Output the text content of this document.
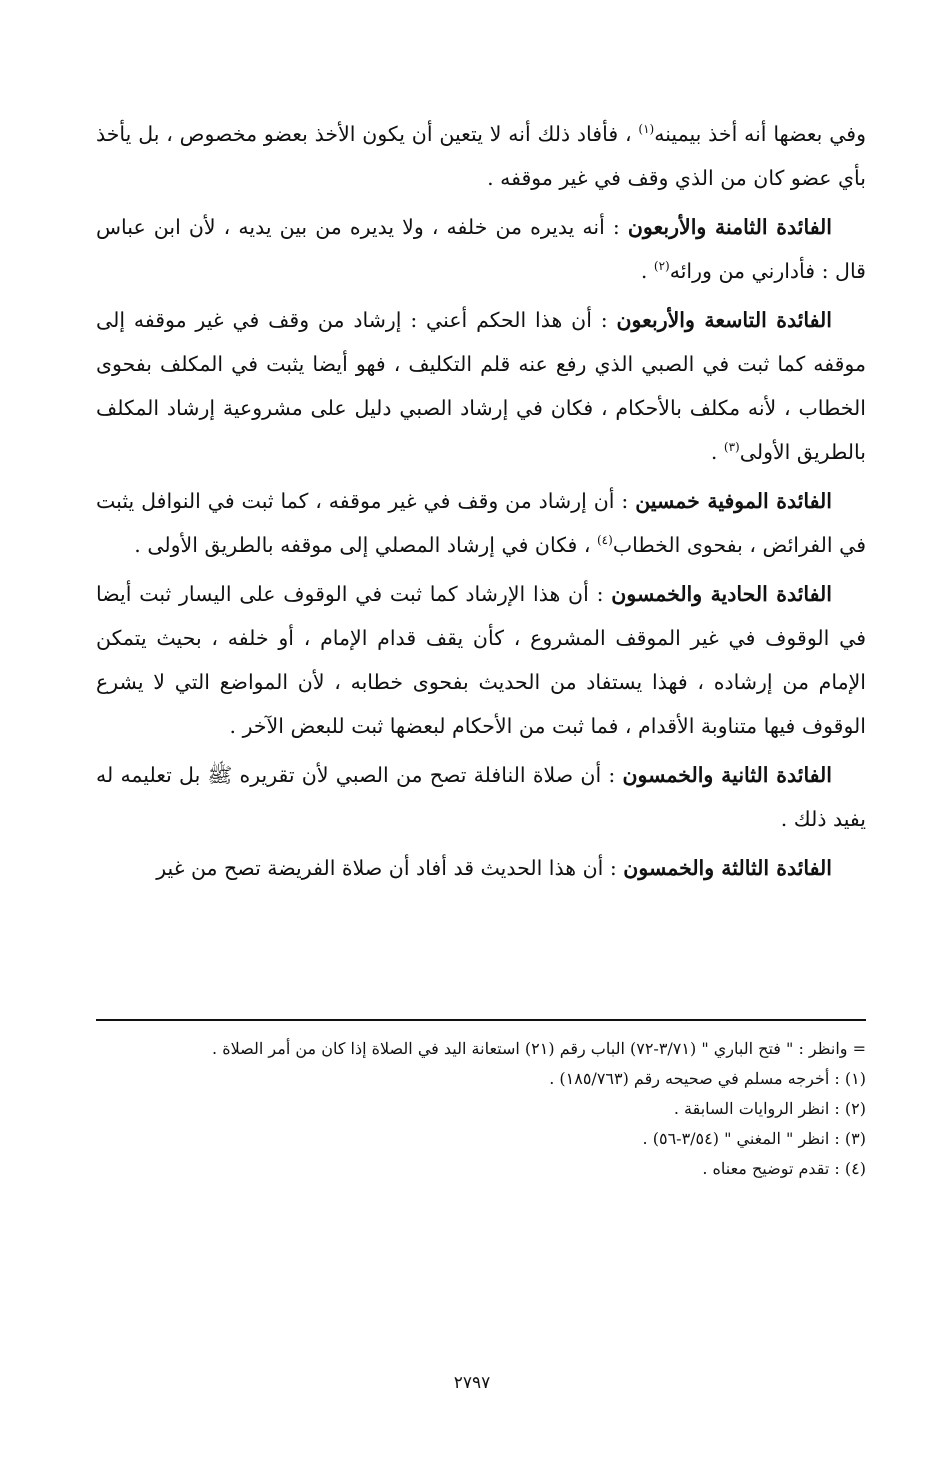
وفي بعضها أنه أخذ بيمينه$^{(١)}$ ، فأفاد ذلك أنه لا يتعين أن يكون الأخذ بعضو مخصوص ، بل يأخذ بأي عضو كان من الذي وقف في غير موقفه .

الفائدة الثامنة والأربعون : أنه يديره من خلفه ، ولا يديره من بين يديه ، لأن ابن عباس قال : فأدارني من ورائه$^{(٢)}$ .

الفائدة التاسعة والأربعون : أن هذا الحكم أعني : إرشاد من وقف في غير موقفه إلى موقفه كما ثبت في الصبي الذي رفع عنه قلم التكليف ، فهو أيضا يثبت في المكلف بفحوى الخطاب ، لأنه مكلف بالأحكام ، فكان في إرشاد الصبي دليل على مشروعية إرشاد المكلف بالطريق الأولى$^{(٣)}$ .

الفائدة الموفية خمسين : أن إرشاد من وقف في غير موقفه ، كما ثبت في النوافل يثبت في الفرائض ، بفحوى الخطاب$^{(٤)}$ ، فكان في إرشاد المصلي إلى موقفه بالطريق الأولى .

الفائدة الحادية والخمسون : أن هذا الإرشاد كما ثبت في الوقوف على اليسار ثبت أيضا في الوقوف في غير الموقف المشروع ، كأن يقف قدام الإمام ، أو خلفه ، بحيث يتمكن الإمام من إرشاده ، فهذا يستفاد من الحديث بفحوى خطابه ، لأن المواضع التي لا يشرع الوقوف فيها متناوبة الأقدام ، فما ثبت من الأحكام لبعضها ثبت للبعض الآخر .

الفائدة الثانية والخمسون : أن صلاة النافلة تصح من الصبي لأن تقريره ﷺ بل تعليمه له يفيد ذلك .

الفائدة الثالثة والخمسون : أن هذا الحديث قد أفاد أن صلاة الفريضة تصح من غير

= وانظر : " فتح الباري " (٣/٧١-٧٢) الباب رقم (٢١) استعانة اليد في الصلاة إذا كان من أمر الصلاة .

(١) : أخرجه مسلم في صحيحه رقم (١٨٥/٧٦٣) .

(٢) : انظر الروايات السابقة .

(٣) : انظر " المغني " (٣/٥٤-٥٦) .

(٤) : تقدم توضيح معناه .

٢٧٩٧
